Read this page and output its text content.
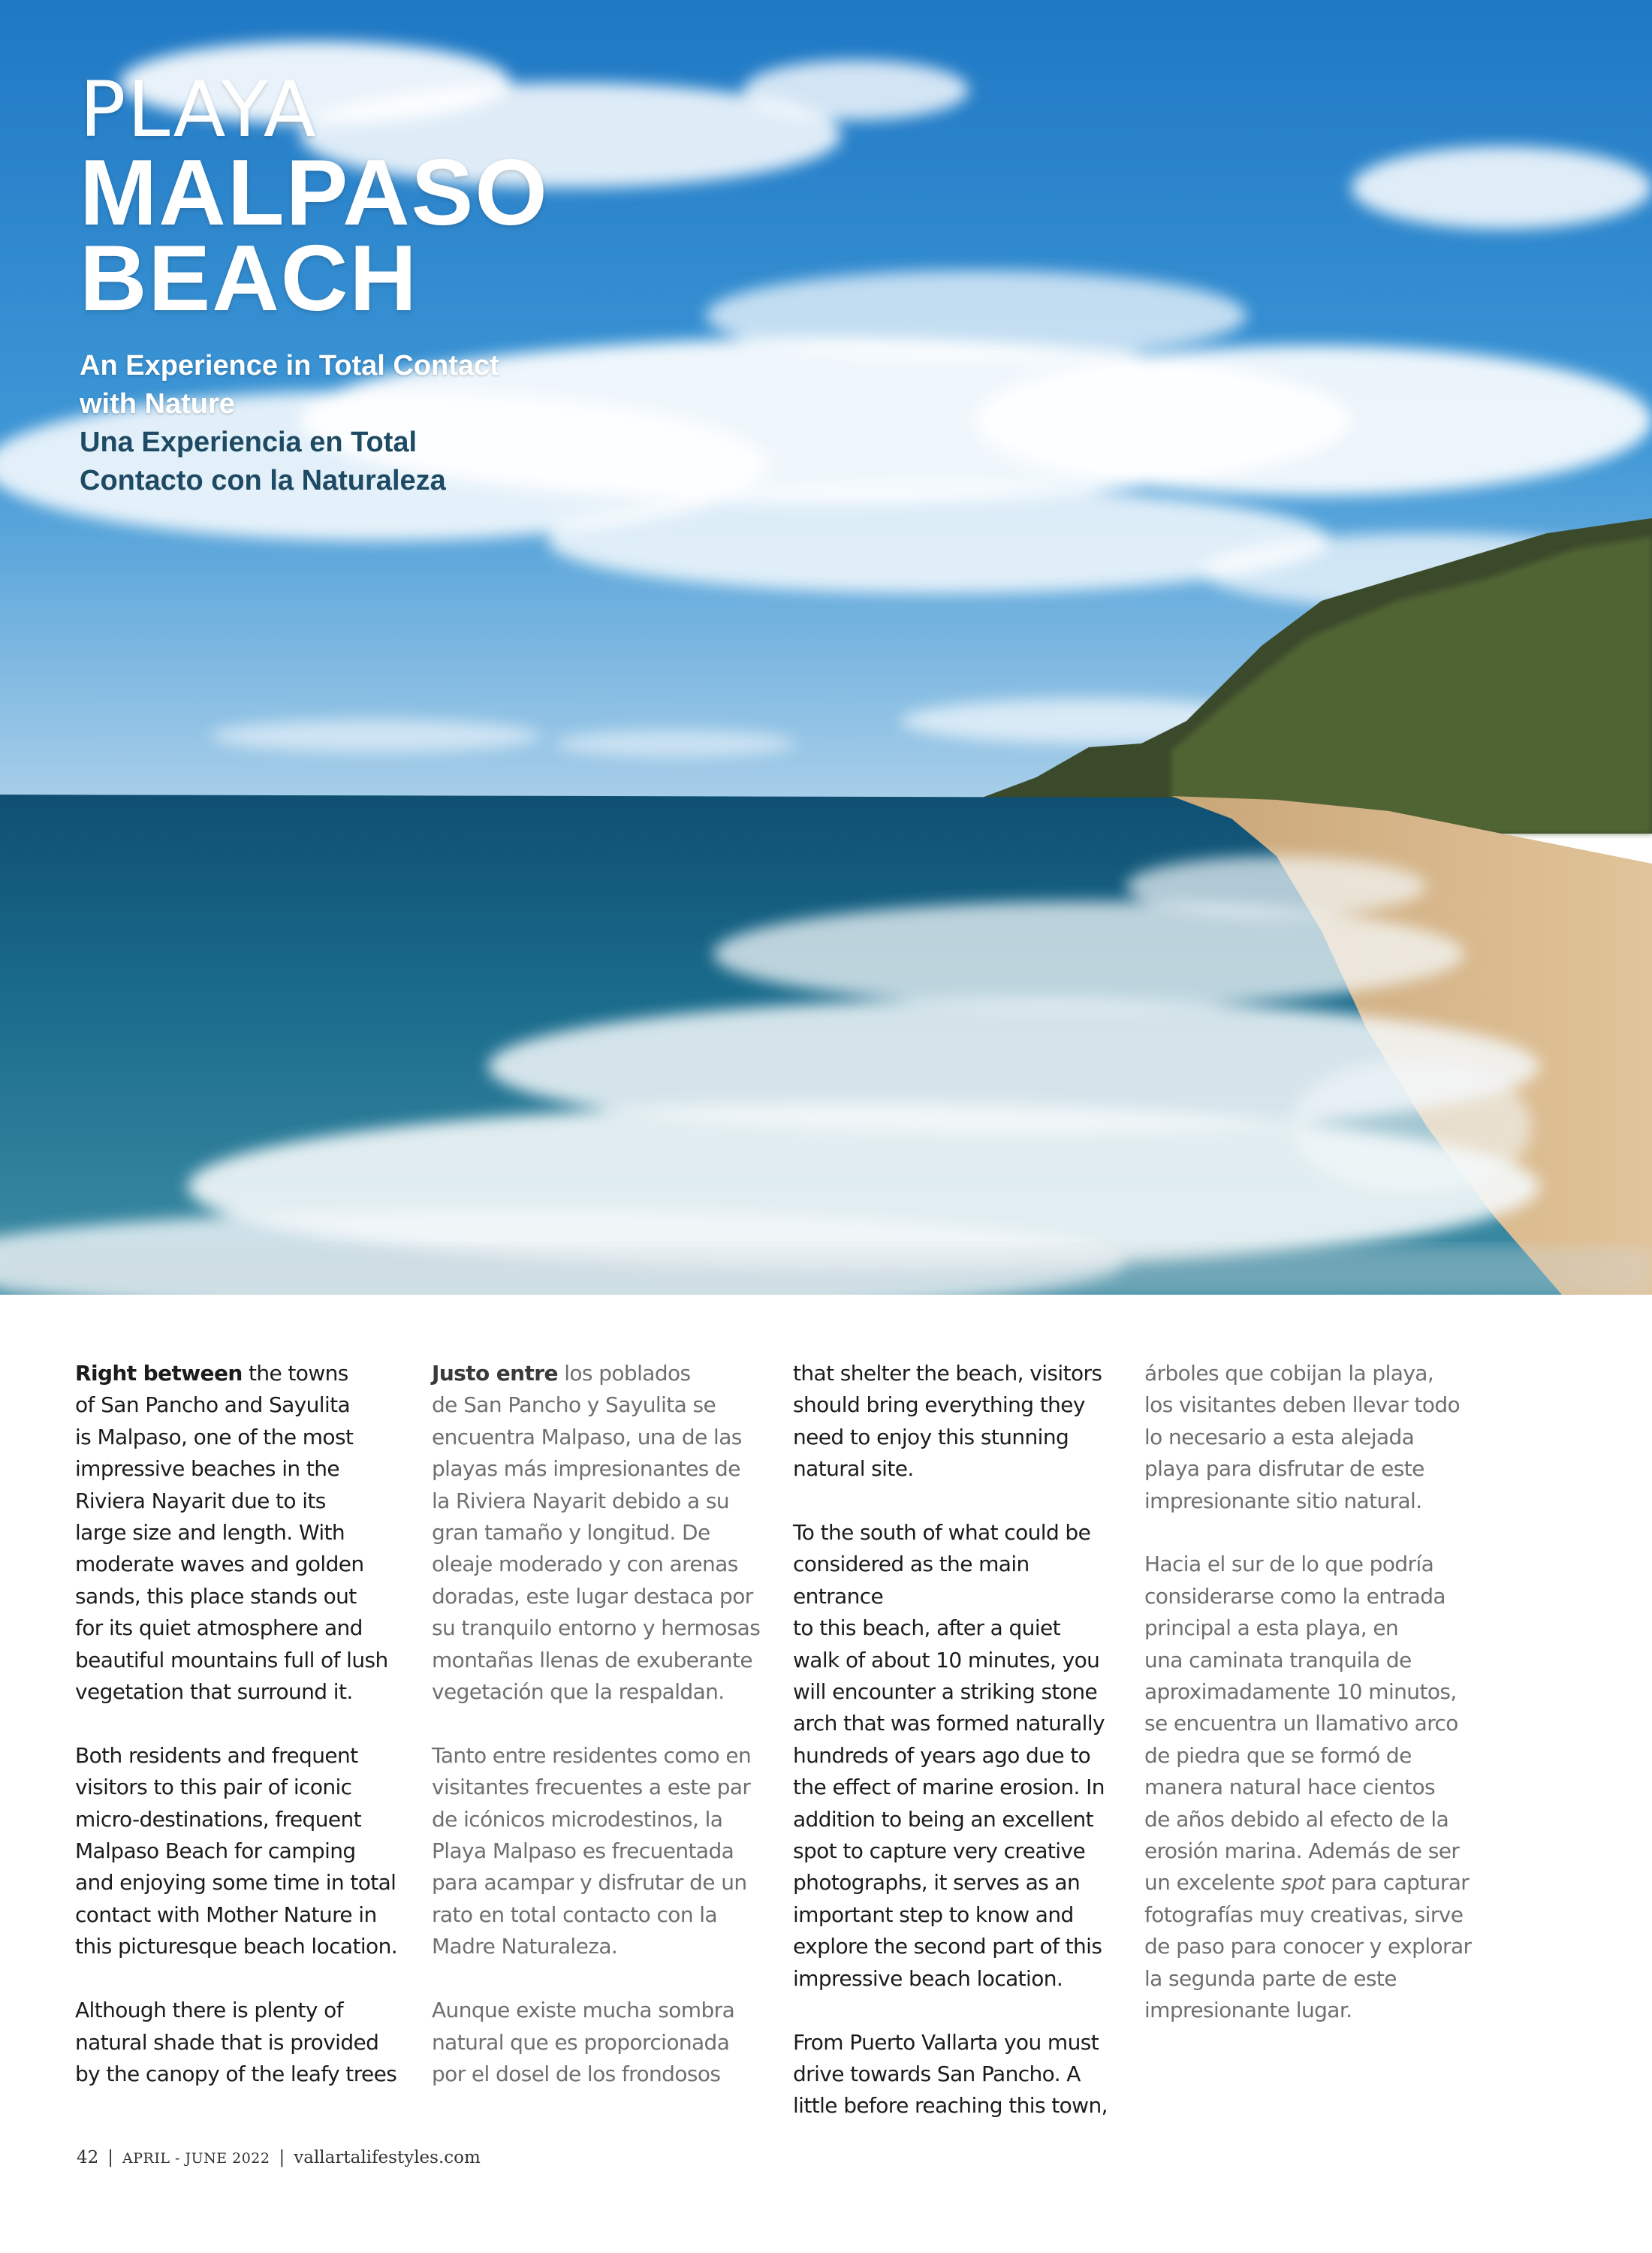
PLAYA
MALPASO
BEACH
An Experience in Total Contact
with Nature
Una Experiencia en Total
Contacto con la Naturaleza

Right between the towns
of San Pancho and Sayulita
is Malpaso, one of the most
impressive beaches in the
Riviera Nayarit due to its
large size and length. With
moderate waves and golden
sands, this place stands out
for its quiet atmosphere and
beautiful mountains full of lush
vegetation that surround it.

Both residents and frequent
visitors to this pair of iconic
micro-destinations, frequent
Malpaso Beach for camping
and enjoying some time in total
contact with Mother Nature in
this picturesque beach location.

Although there is plenty of
natural shade that is provided
by the canopy of the leafy trees

Justo entre los poblados
de San Pancho y Sayulita se
encuentra Malpaso, una de las
playas más impresionantes de
la Riviera Nayarit debido a su
gran tamaño y longitud. De
oleaje moderado y con arenas
doradas, este lugar destaca por
su tranquilo entorno y hermosas
montañas llenas de exuberante
vegetación que la respaldan.

Tanto entre residentes como en
visitantes frecuentes a este par
de icónicos microdestinos, la
Playa Malpaso es frecuentada
para acampar y disfrutar de un
rato en total contacto con la
Madre Naturaleza.

Aunque existe mucha sombra
natural que es proporcionada
por el dosel de los frondosos

that shelter the beach, visitors
should bring everything they
need to enjoy this stunning
natural site.

To the south of what could be
considered as the main entrance
to this beach, after a quiet
walk of about 10 minutes, you
will encounter a striking stone
arch that was formed naturally
hundreds of years ago due to
the effect of marine erosion. In
addition to being an excellent
spot to capture very creative
photographs, it serves as an
important step to know and
explore the second part of this
impressive beach location.

From Puerto Vallarta you must
drive towards San Pancho. A
little before reaching this town,

árboles que cobijan la playa,
los visitantes deben llevar todo
lo necesario a esta alejada
playa para disfrutar de este
impresionante sitio natural.

Hacia el sur de lo que podría
considerarse como la entrada
principal a esta playa, en
una caminata tranquila de
aproximadamente 10 minutos,
se encuentra un llamativo arco
de piedra que se formó de
manera natural hace cientos
de años debido al efecto de la
erosión marina. Además de ser
un excelente spot para capturar
fotografías muy creativas, sirve
de paso para conocer y explorar
la segunda parte de este
impresionante lugar.

42 | APRIL - JUNE 2022 | vallartalifestyles.com
